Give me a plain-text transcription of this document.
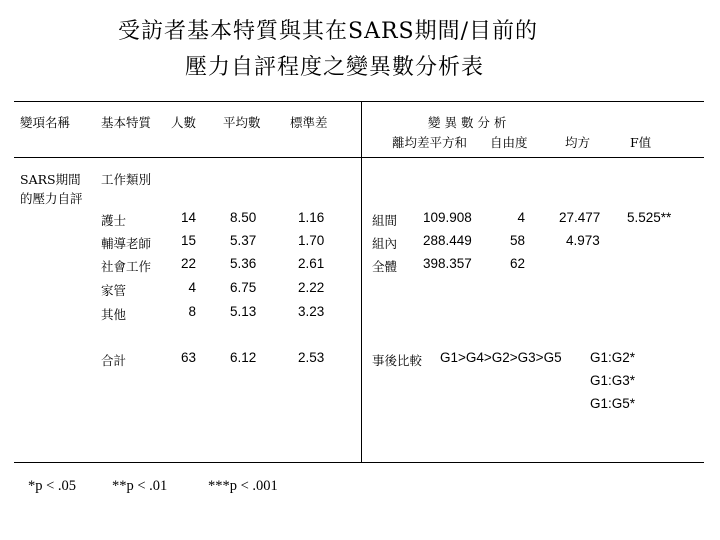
受訪者基本特質與其在SARS期間/目前的
壓力自評程度之變異數分析表
變項名稱 基本特質 人數 平均數 標準差	變 異 數 分 析
離均差平方和 自由度	均方	F值
SARS期間
的壓力自評
工作類別
護士	14	8.50	1.16
輔導老師	15	5.37	1.70
社會工作	22	5.36	2.61
家管	4	6.75	2.22
其他	8	5.13	3.23
合計	63	6.12	2.53
組間 109.908	4	27.477 5.525**
組內 288.449	58	4.973
全體 398.357	62
事後比較 G1>G4>G2>G3>G5 G1:G2*
G1:G3*
G1:G5*
*p < .05 **p < .01	***p < .001
